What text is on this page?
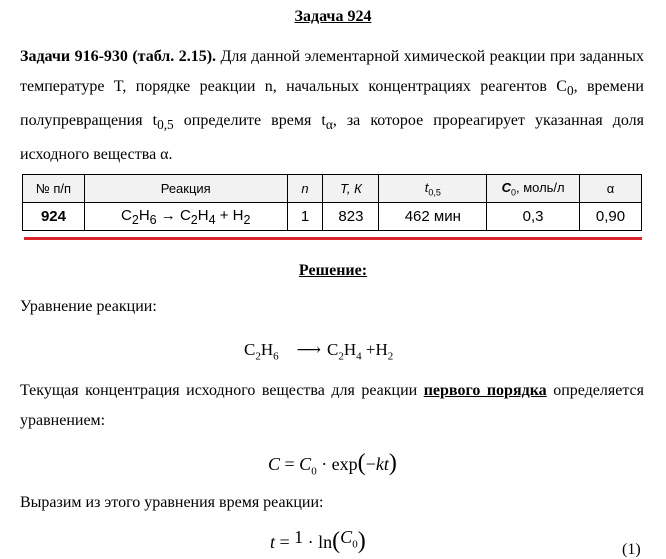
Задача 924
Задачи 916-930 (табл. 2.15). Для данной элементарной химической реакции при заданных температуре T, порядке реакции n, начальных концентрациях реагентов $C_0$, времени полупревращения $t_{0,5}$ определите время $t_\alpha$, за которое прореагирует указанная доля исходного вещества α.
№ п/п	Реакция	n	T, К	$t_{0,5}$	$C_0$, моль/л	α
924	$C_2H_6 \to C_2H_4 + H_2$	1	823	462 мин	0,3	0,90
Решение:
Уравнение реакции:
$C_2H_6$ ⟶ $C_2H_4 +H_2$
Текущая концентрация исходного вещества для реакции первого порядка определяется уравнением:
$C = C_0 \cdot \exp(-kt)$
Выразим из этого уравнения время реакции:
$t = 1 \cdot \ln(C_0)$	(1)
